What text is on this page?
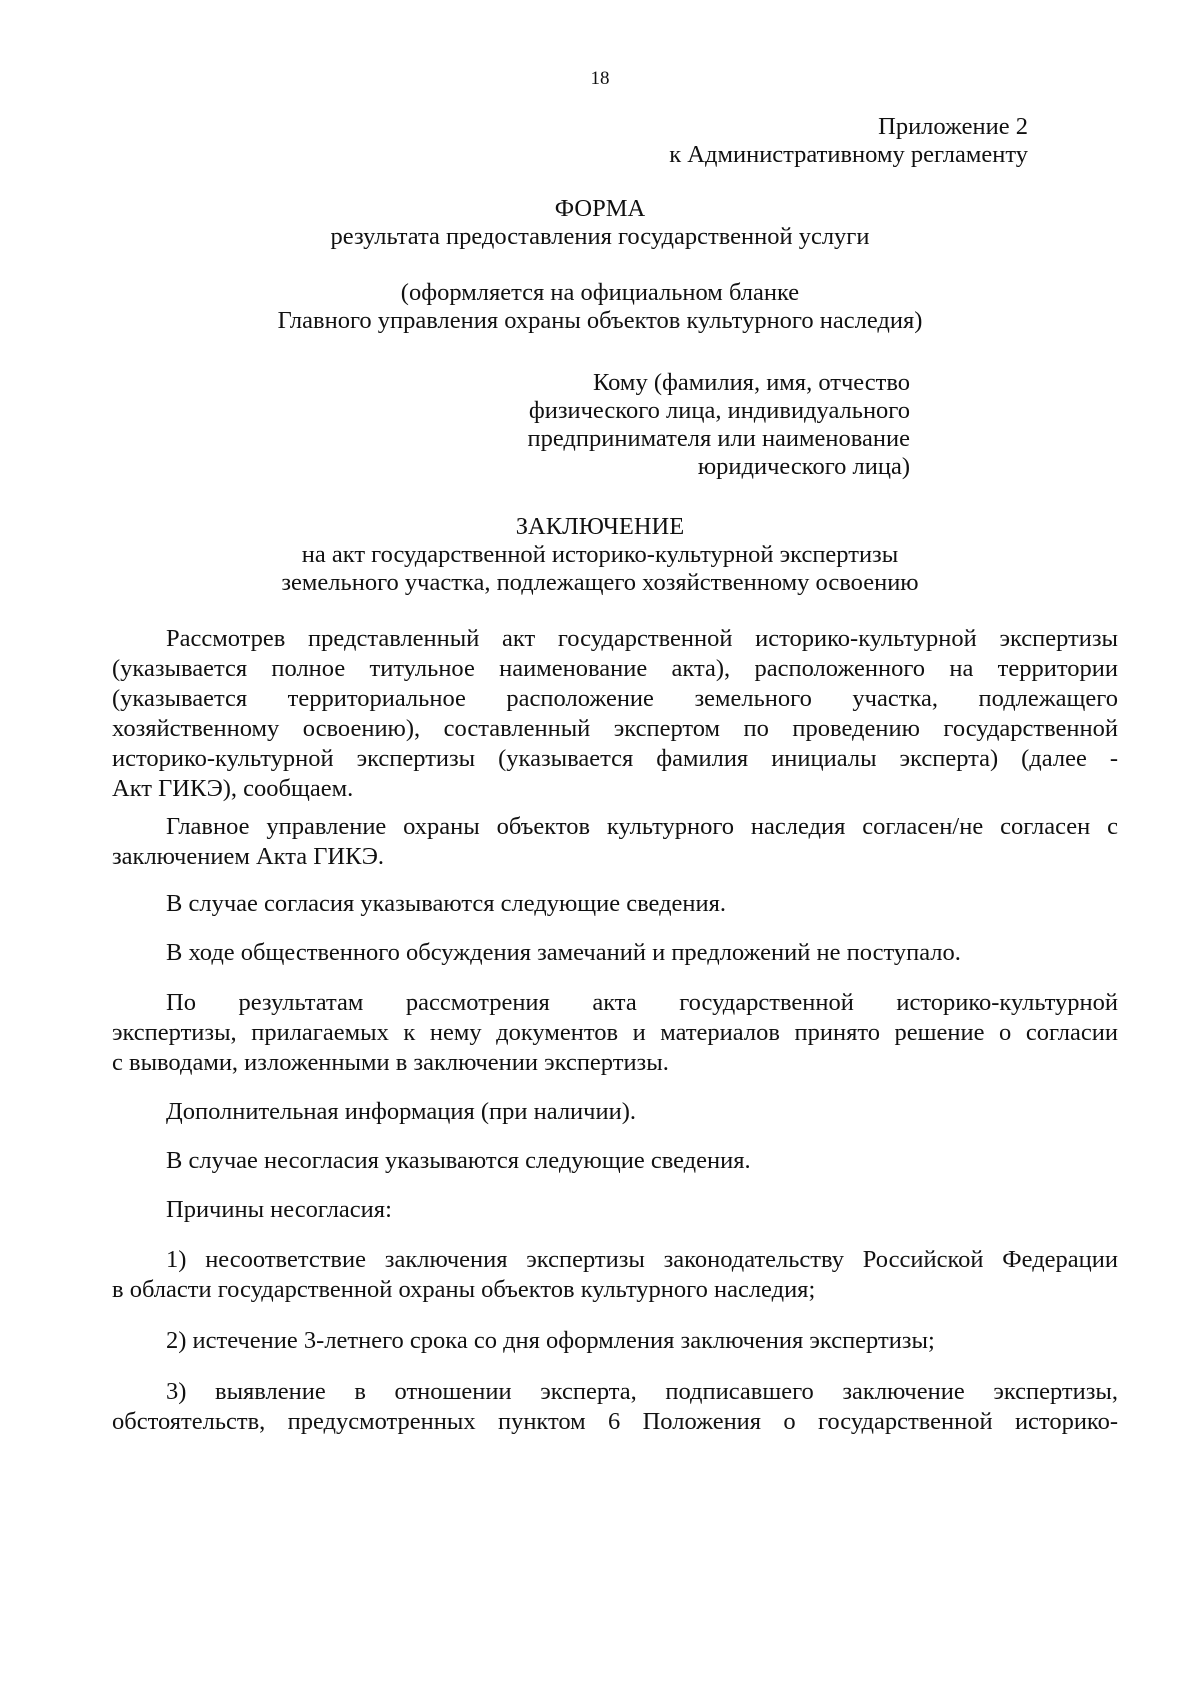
18
Приложение 2
к Административному регламенту
ФОРМА
результата предоставления государственной услуги
(оформляется на официальном бланке
Главного управления охраны объектов культурного наследия)
Кому (фамилия, имя, отчество
физического лица, индивидуального
предпринимателя или наименование
юридического лица)
ЗАКЛЮЧЕНИЕ
на акт государственной историко-культурной экспертизы
земельного участка, подлежащего хозяйственному освоению
Рассмотрев представленный акт государственной историко-культурной экспертизы
(указывается полное титульное наименование акта), расположенного на территории
(указывается территориальное расположение земельного участка, подлежащего
хозяйственному освоению), составленный экспертом по проведению государственной
историко-культурной экспертизы (указывается фамилия инициалы эксперта) (далее -
Акт ГИКЭ), сообщаем.
Главное управление охраны объектов культурного наследия согласен/не согласен с
заключением Акта ГИКЭ.
В случае согласия указываются следующие сведения.
В ходе общественного обсуждения замечаний и предложений не поступало.
По результатам рассмотрения акта государственной историко-культурной
экспертизы, прилагаемых к нему документов и материалов принято решение о согласии
с выводами, изложенными в заключении экспертизы.
Дополнительная информация (при наличии).
В случае несогласия указываются следующие сведения.
Причины несогласия:
1) несоответствие заключения экспертизы законодательству Российской Федерации
в области государственной охраны объектов культурного наследия;
2) истечение 3-летнего срока со дня оформления заключения экспертизы;
3) выявление в отношении эксперта, подписавшего заключение экспертизы,
обстоятельств, предусмотренных пунктом 6 Положения о государственной историко-
